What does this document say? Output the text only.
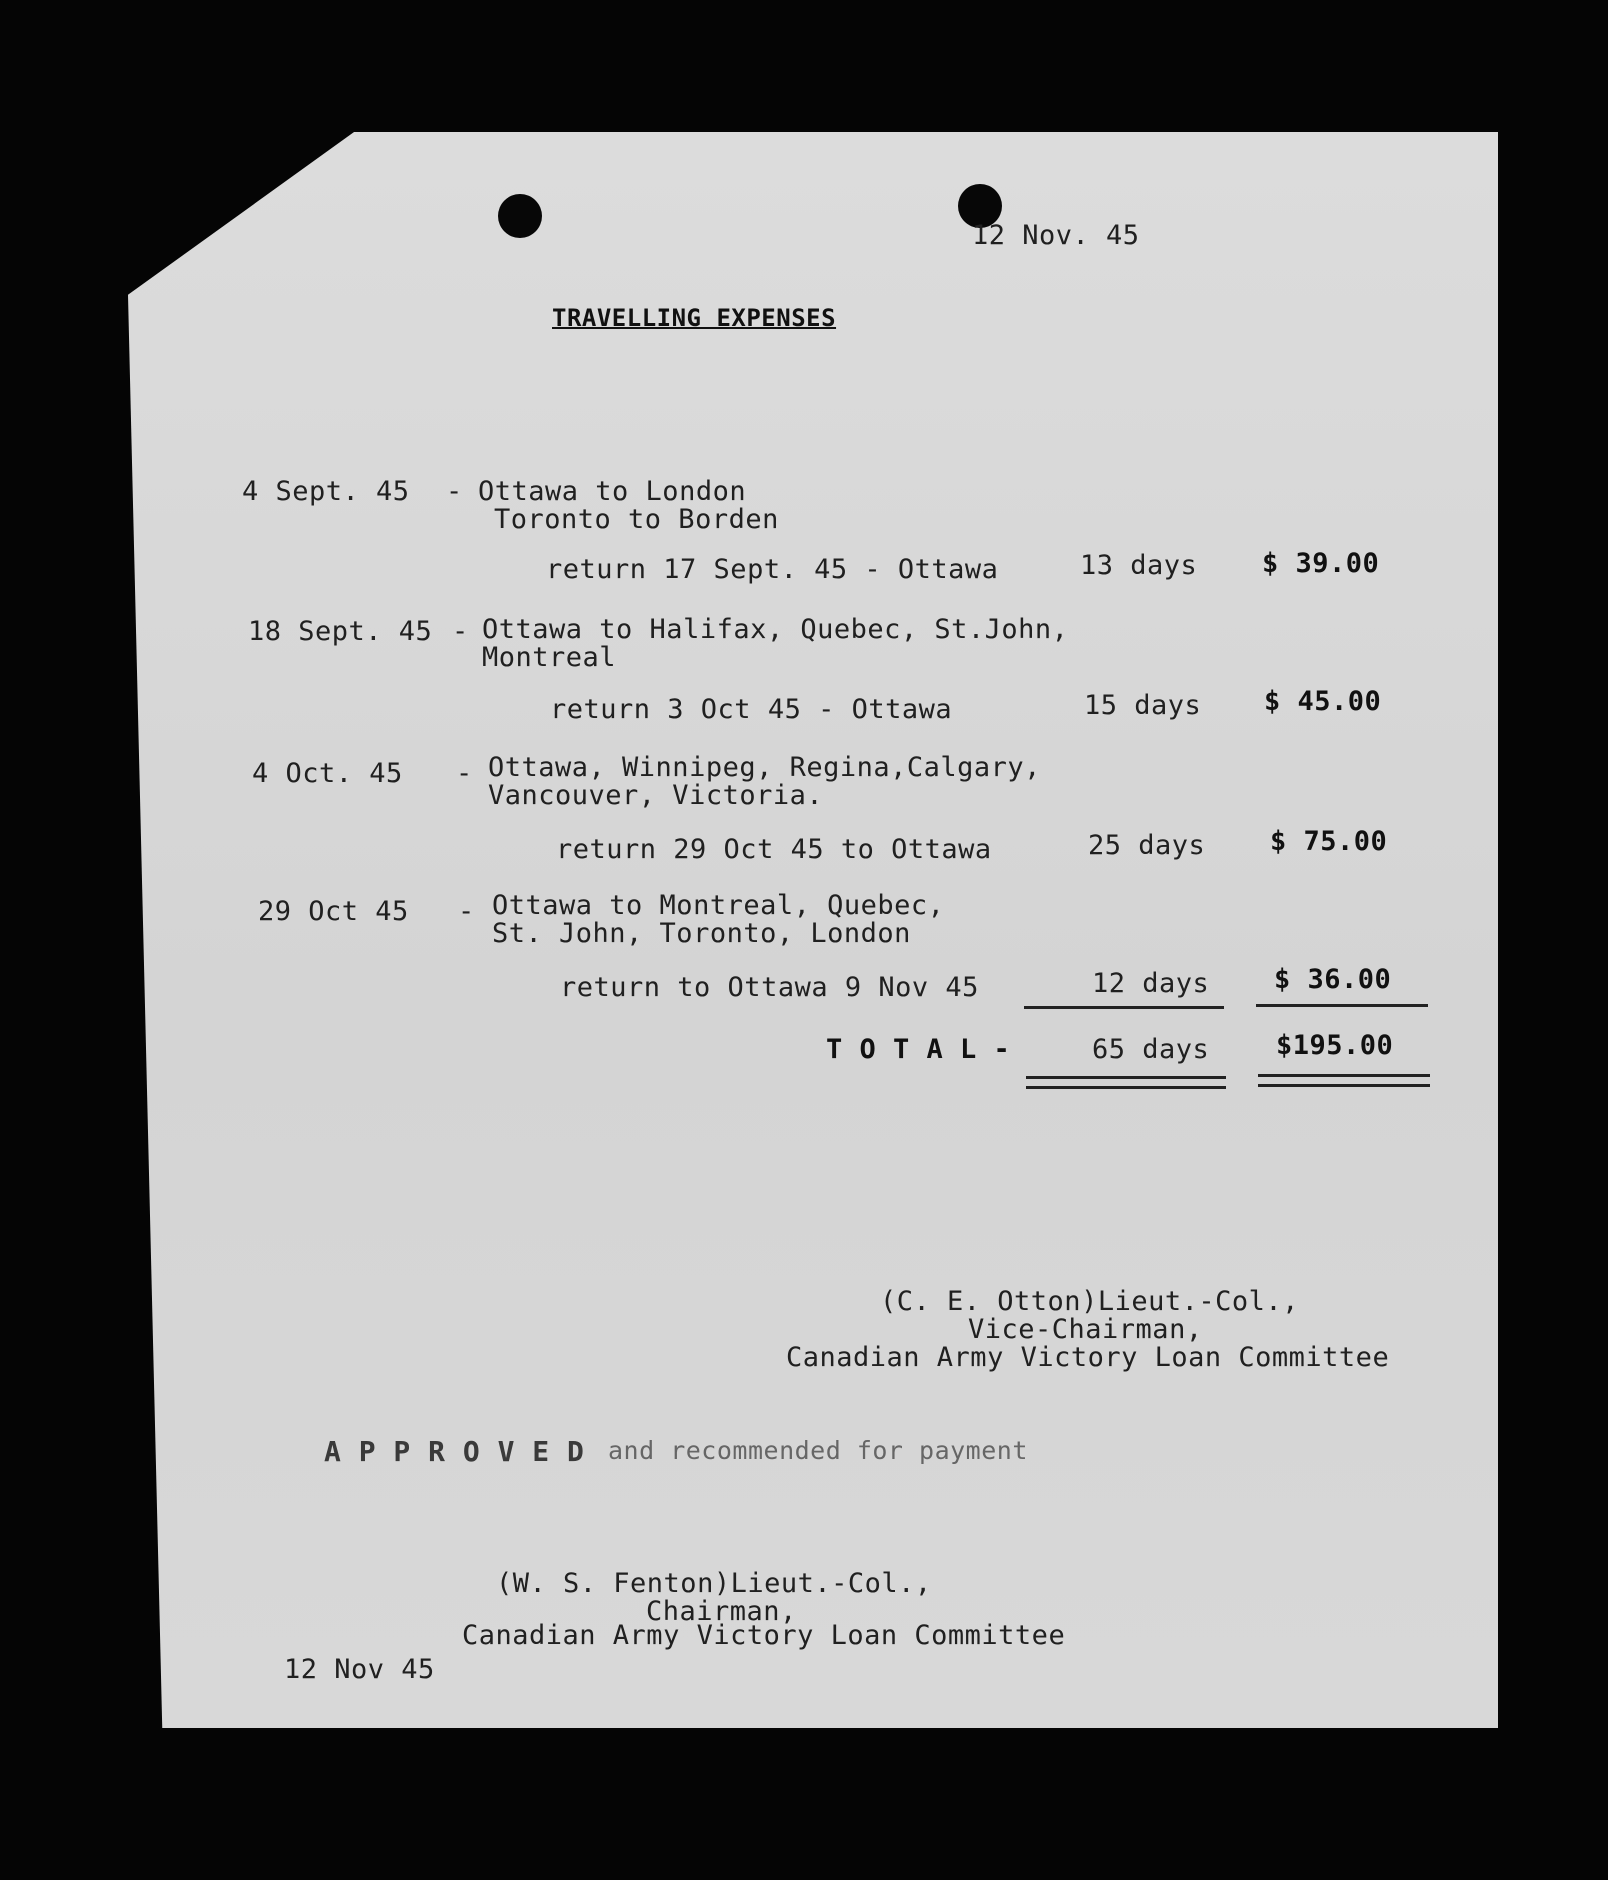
12 Nov. 45
TRAVELLING EXPENSES
4 Sept. 45 - Ottawa to London
Toronto to Borden
return 17 Sept. 45 - Ottawa	13 days $ 39.00
18 Sept. 45 - Ottawa to Halifax, Quebec, St.John,
Montreal
return 3 Oct 45 - Ottawa	15 days $ 45.00
4 Oct. 45 - Ottawa, Winnipeg, Regina,Calgary,
Vancouver, Victoria.
return 29 Oct 45 to Ottawa	25 days $ 75.00
29 Oct 45 - Ottawa to Montreal, Quebec,
St. John, Toronto, London
return to Ottawa 9 Nov 45	12 days $ 36.00
T O T A L -	65 days $195.00
(C. E. Otton)Lieut.-Col.,
Vice-Chairman,
Canadian Army Victory Loan Committee
A P P R O V E D and recommended for payment
(W. S. Fenton)Lieut.-Col.,
Chairman,
Canadian Army Victory Loan Committee
12 Nov 45
